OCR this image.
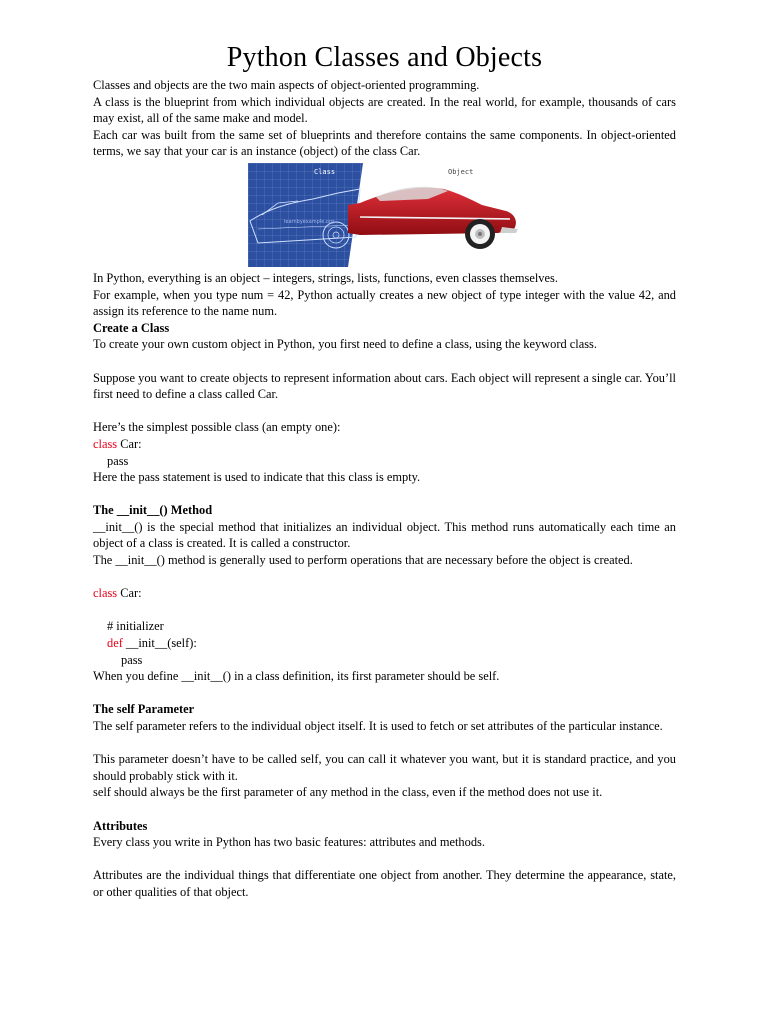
Python Classes and Objects

Classes and objects are the two main aspects of object-oriented programming.

A class is the blueprint from which individual objects are created. In the real world, for example, thousands of cars may exist, all of the same make and model.

Each car was built from the same set of blueprints and therefore contains the same components. In object-oriented terms, we say that your car is an instance (object) of the class Car.

learnbyexample.org
Class	Object

In Python, everything is an object – integers, strings, lists, functions, even classes themselves.

For example, when you type num = 42, Python actually creates a new object of type integer with the value 42, and assign its reference to the name num.

Create a Class

To create your own custom object in Python, you first need to define a class, using the keyword class.

Suppose you want to create objects to represent information about cars. Each object will represent a single car. You’ll first need to define a class called Car.

Here’s the simplest possible class (an empty one):

class Car:

pass

Here the pass statement is used to indicate that this class is empty.

The __init__() Method

__init__() is the special method that initializes an individual object. This method runs automatically each time an object of a class is created. It is called a constructor.

The __init__() method is generally used to perform operations that are necessary before the object is created.

class Car:

# initializer

def __init__(self):

pass

When you define __init__() in a class definition, its first parameter should be self.

The self Parameter

The self parameter refers to the individual object itself. It is used to fetch or set attributes of the particular instance.

This parameter doesn’t have to be called self, you can call it whatever you want, but it is standard practice, and you should probably stick with it.

self should always be the first parameter of any method in the class, even if the method does not use it.

Attributes

Every class you write in Python has two basic features: attributes and methods.

Attributes are the individual things that differentiate one object from another. They determine the appearance, state, or other qualities of that object.
